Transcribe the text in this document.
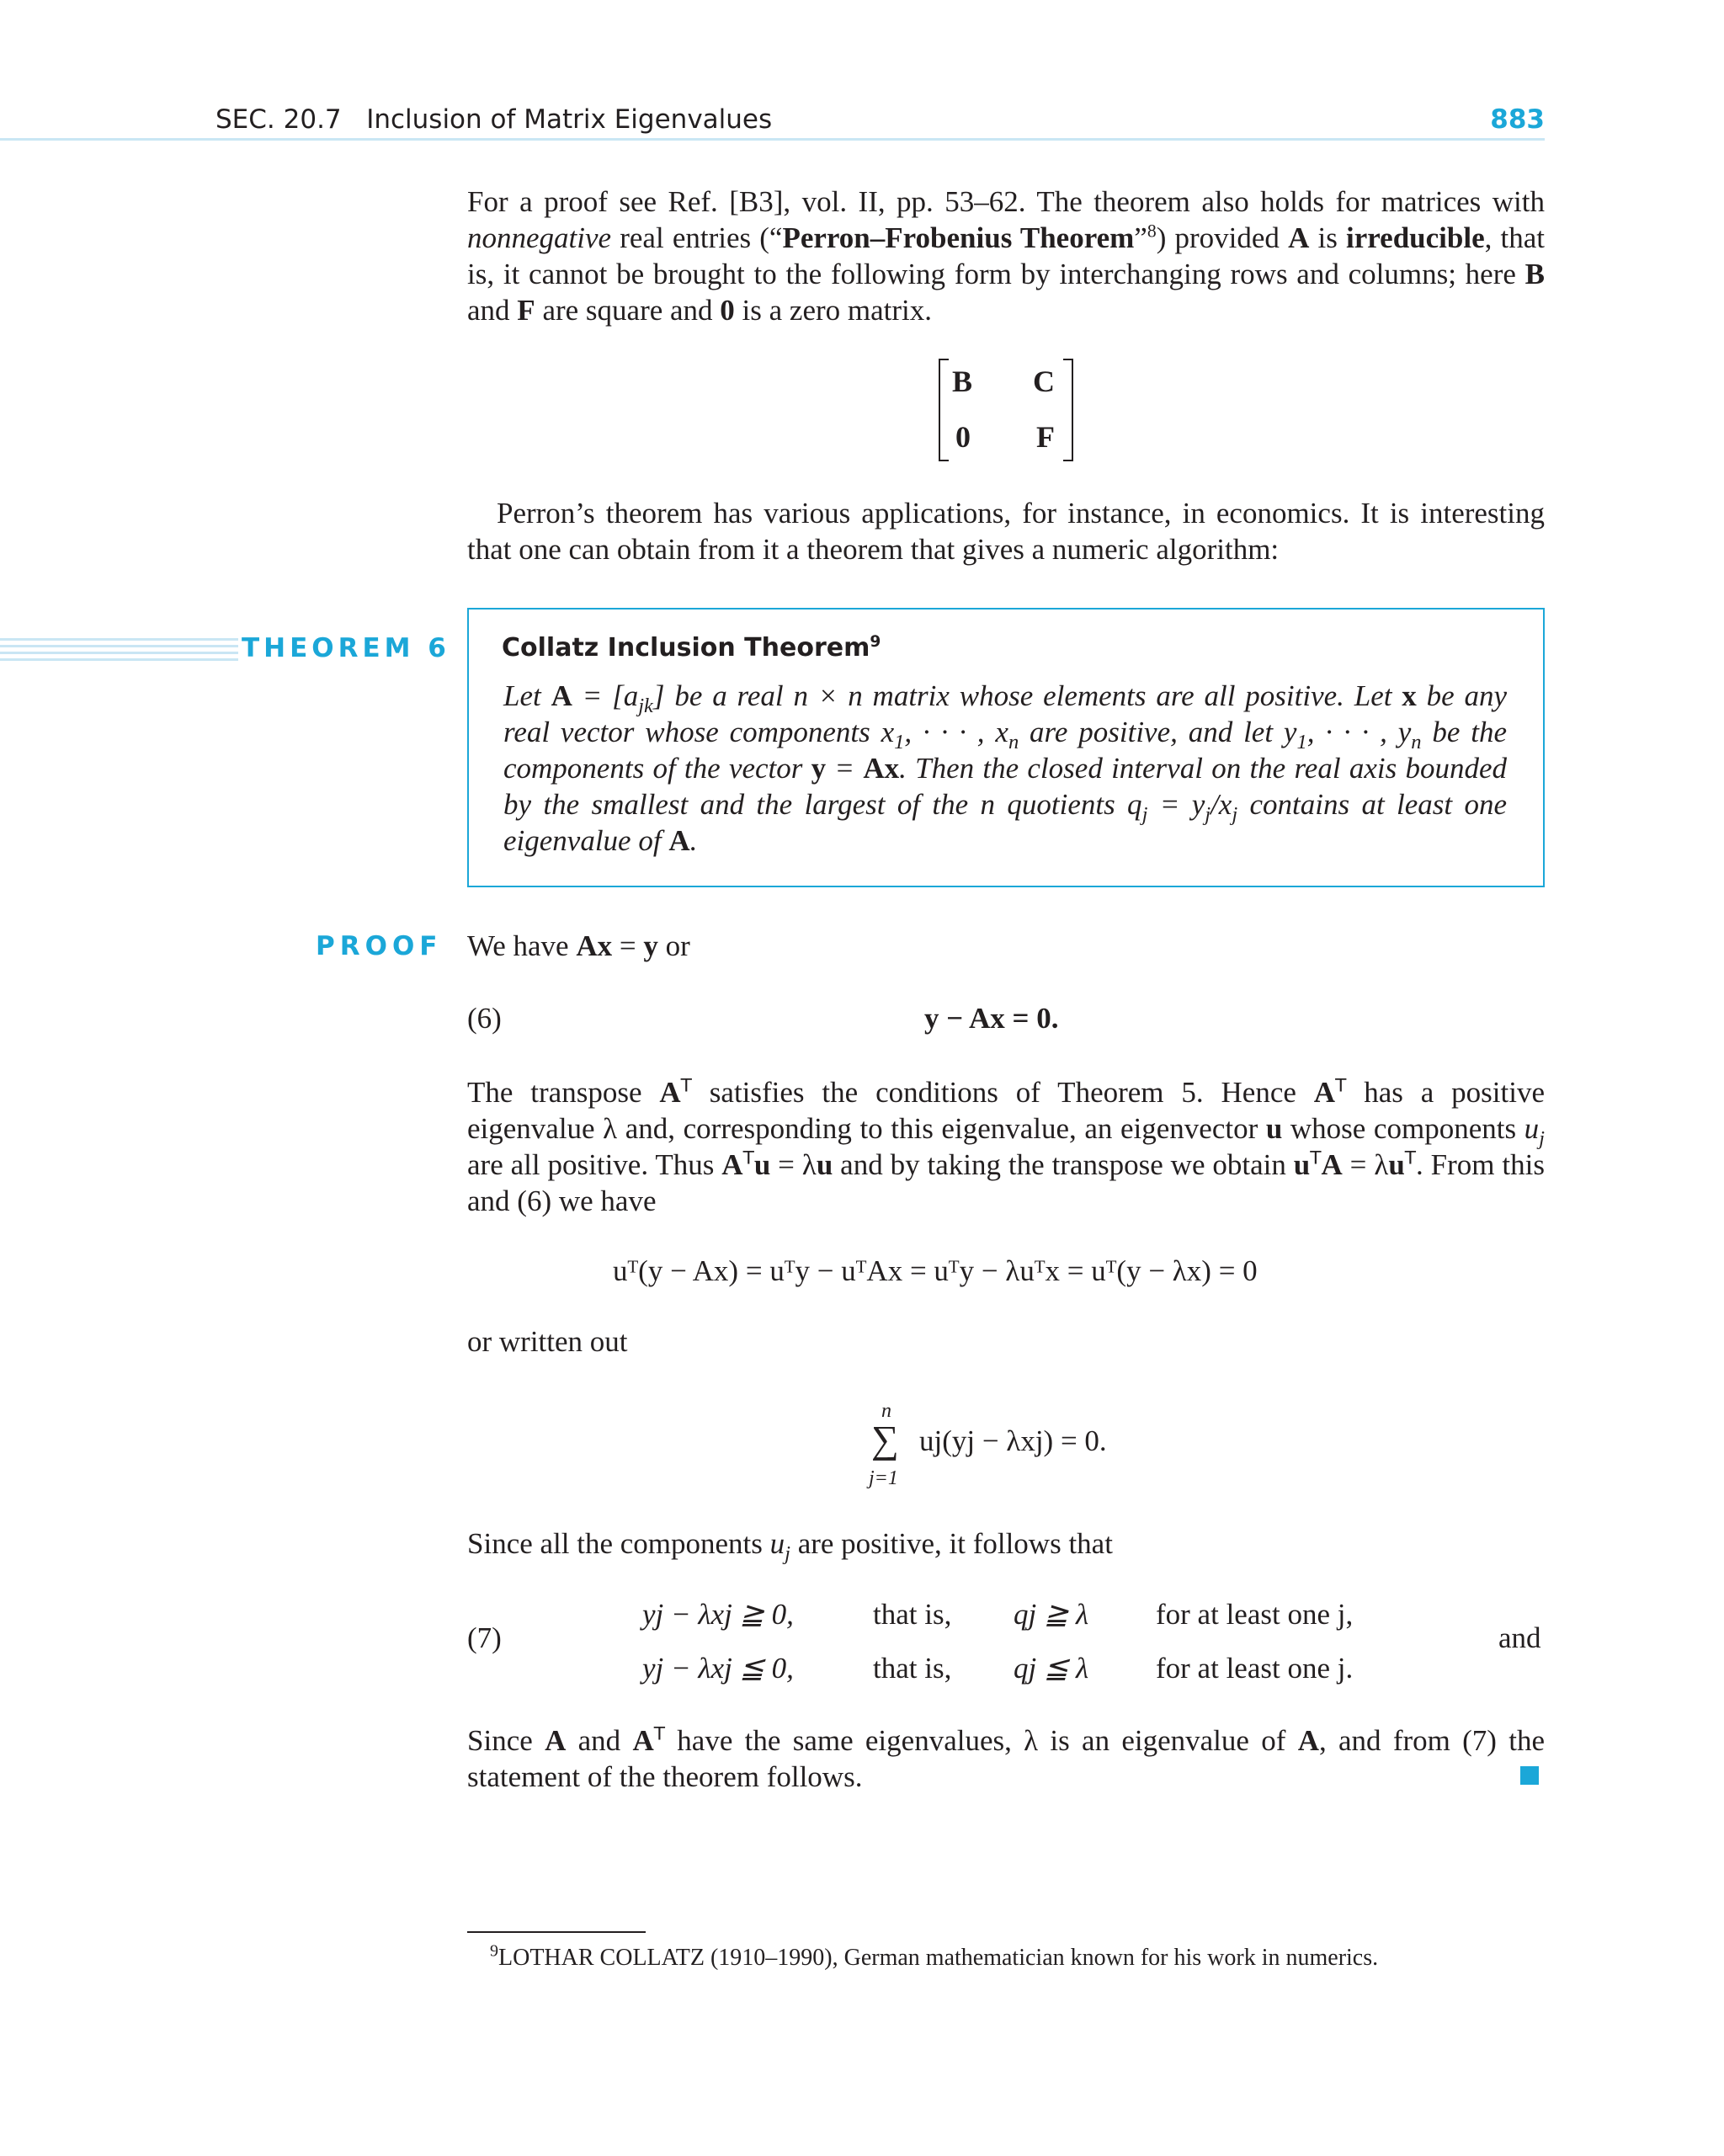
SEC. 20.7   Inclusion of Matrix Eigenvalues	883

For a proof see Ref. [B3], vol. II, pp. 53–62. The theorem also holds for matrices with nonnegative real entries (“Perron–Frobenius Theorem”$^8$) provided A is irreducible, that is, it cannot be brought to the following form by interchanging rows and columns; here B and F are square and 0 is a zero matrix.

B C
0 F

Perron’s theorem has various applications, for instance, in economics. It is interesting that one can obtain from it a theorem that gives a numeric algorithm:

THEOREM 6 Collatz Inclusion Theorem$^9$
Let $A = [a_{jk}]$ be a real n × n matrix whose elements are all positive. Let x be any real vector whose components $x_1$, · · · , $x_n$ are positive, and let $y_1$, · · · , $y_n$ be the components of the vector y = Ax. Then the closed interval on the real axis bounded by the smallest and the largest of the n quotients $q_j = y_j/x_j$ contains at least one eigenvalue of A.
PROOF We have Ax = y or
(6)	y − Ax = 0.

The transpose $A^T$ satisfies the conditions of Theorem 5. Hence $A^T$ has a positive eigenvalue λ and, corresponding to this eigenvalue, an eigenvector u whose components $u_j$ are all positive. Thus $A^Tu = \lambda u$ and by taking the transpose we obtain $u^TA = \lambda u^T$. From this and (6) we have

uᵀ(y − Ax) = uᵀy − uᵀAx = uᵀy − λuᵀx = uᵀ(y − λx) = 0
or written out
n
∑
j=1
uj(yj − λxj) = 0.
Since all the components $u_j$ are positive, it follows that
(7)	and
yj − λxj ≧ 0,	that is, qj ≧ λ for at least one j,
yj − λxj ≦ 0,	that is, qj ≦ λ for at least one j.

Since A and $A^T$ have the same eigenvalues, λ is an eigenvalue of A, and from (7) the statement of the theorem follows.

$^9$LOTHAR COLLATZ (1910–1990), German mathematician known for his work in numerics.
